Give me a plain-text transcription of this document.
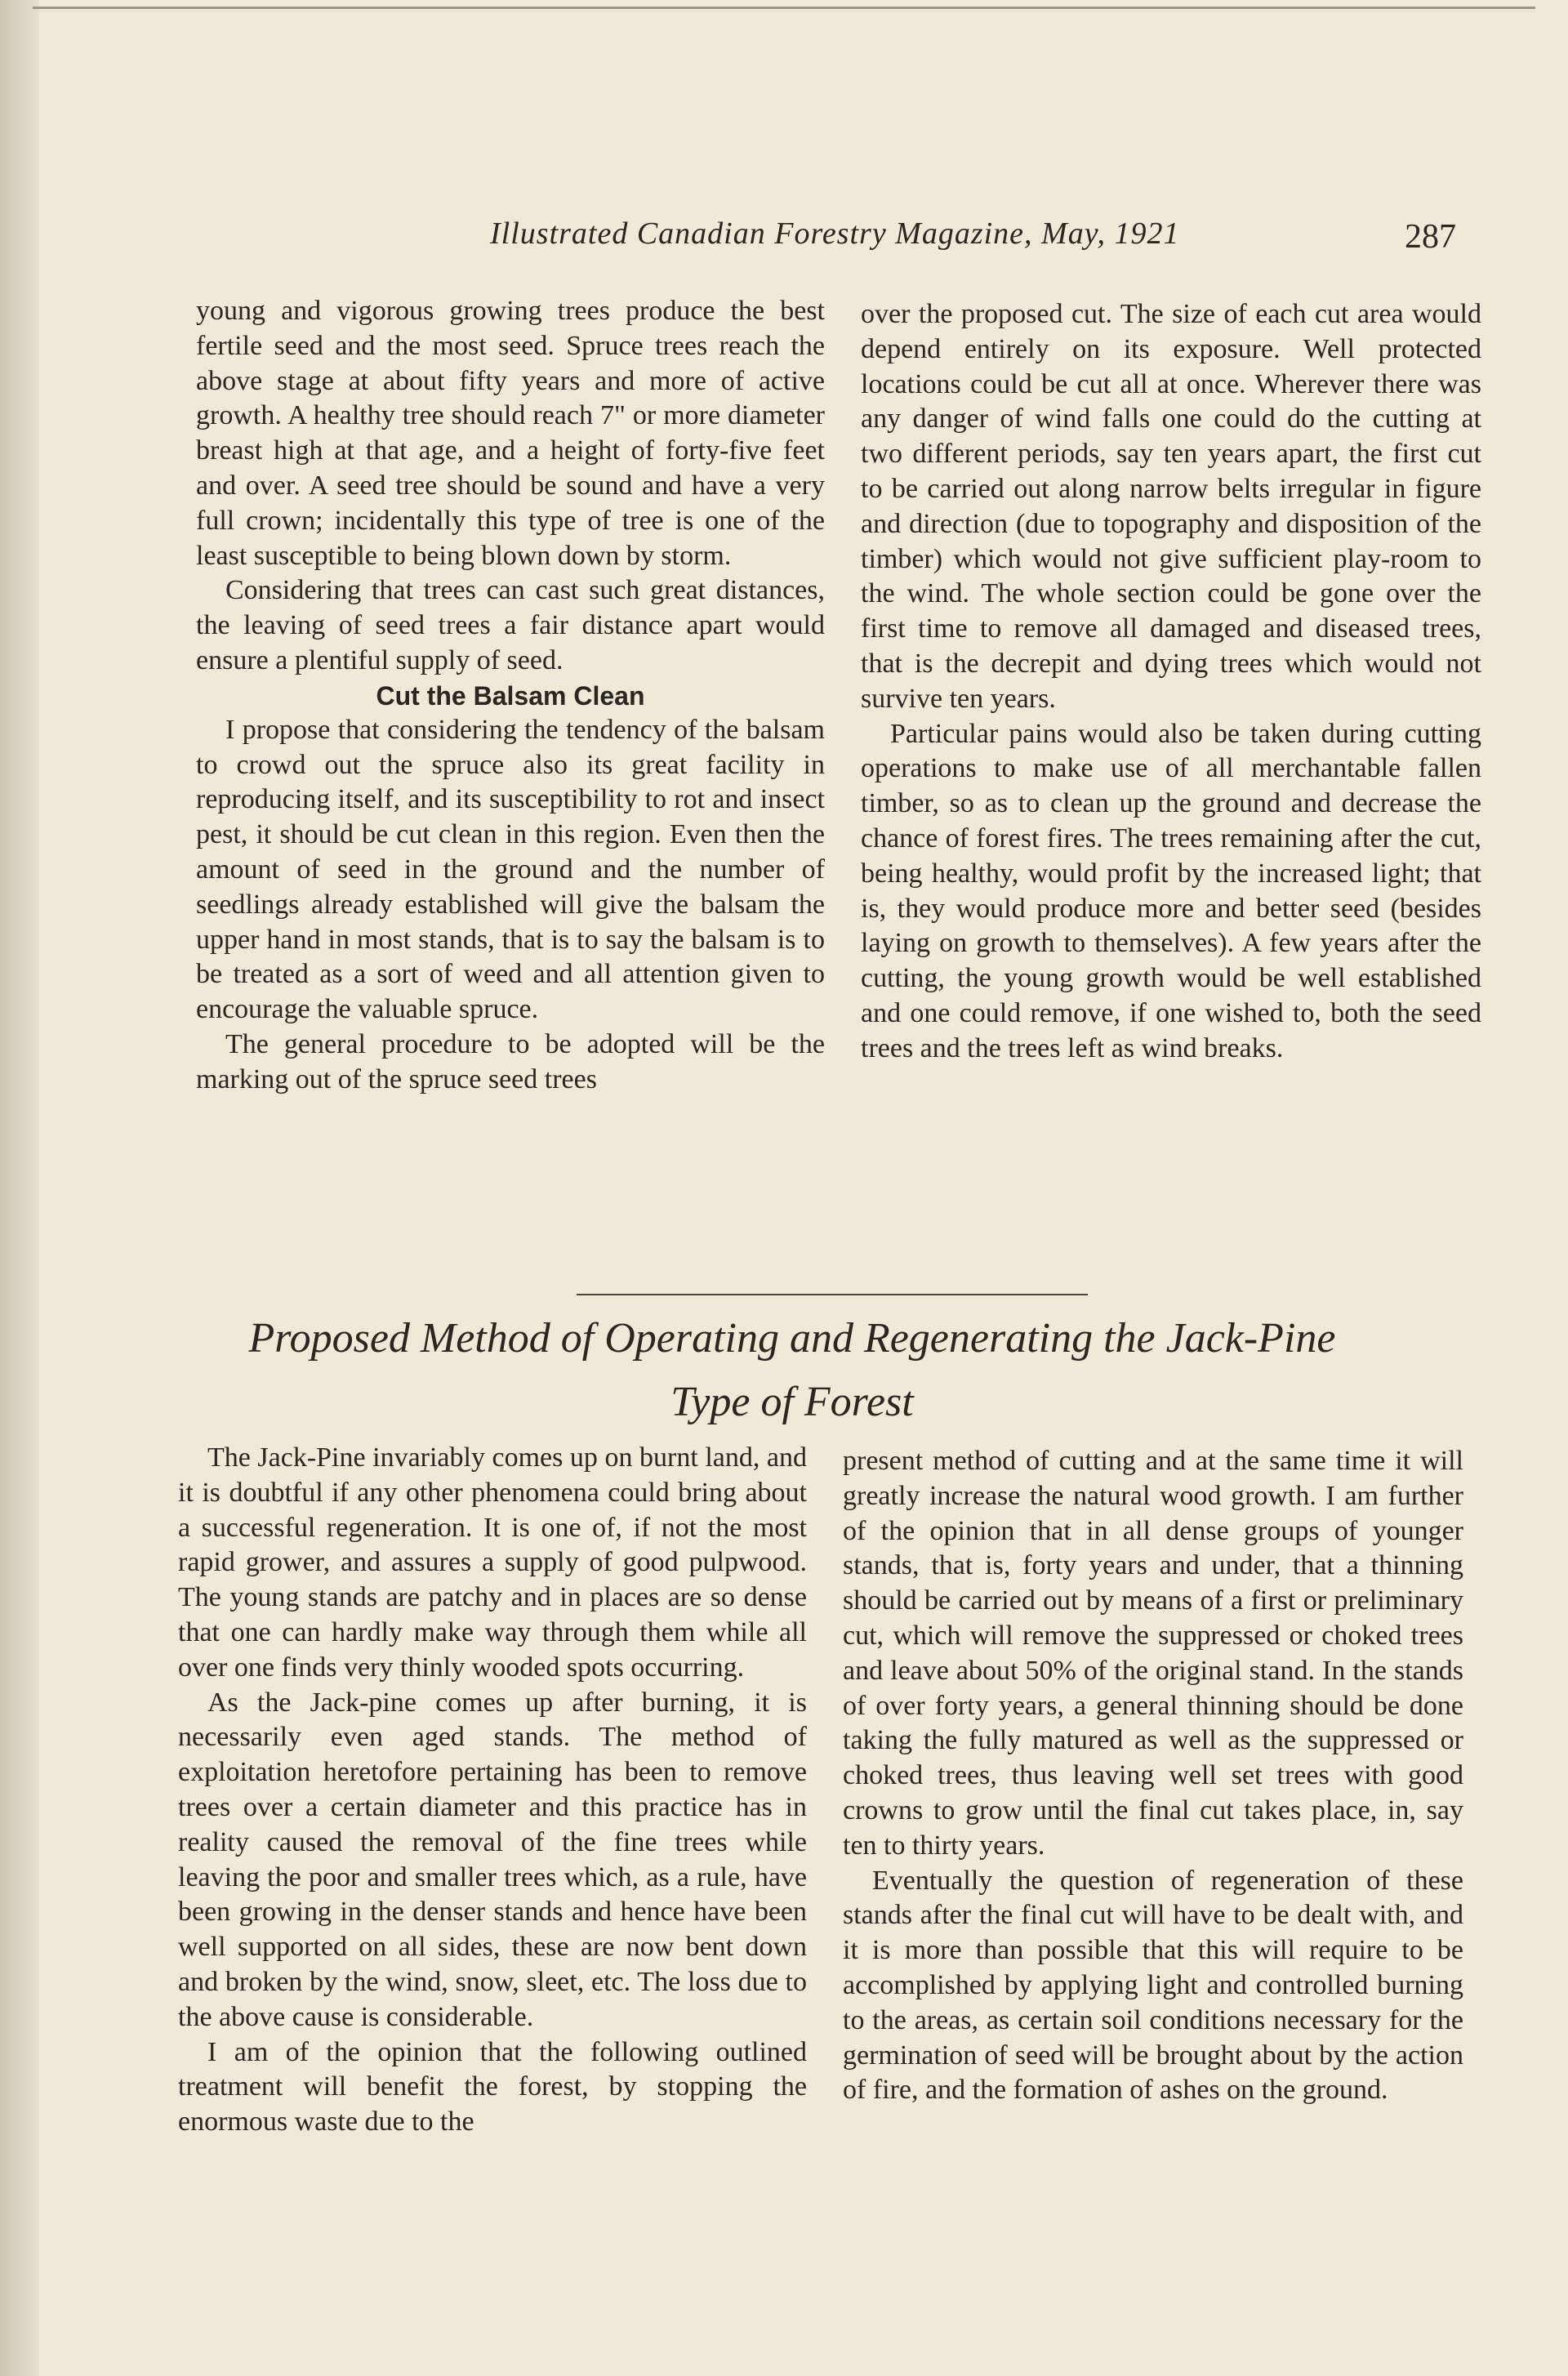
Illustrated Canadian Forestry Magazine, May, 1921	287

young and vigorous growing trees produce the best fertile seed and the most seed. Spruce trees reach the above stage at about fifty years and more of active growth. A healthy tree should reach 7" or more diameter breast high at that age, and a height of forty-five feet and over. A seed tree should be sound and have a very full crown; incidentally this type of tree is one of the least susceptible to being blown down by storm.

Considering that trees can cast such great distances, the leaving of seed trees a fair distance apart would ensure a plentiful supply of seed.

Cut the Balsam Clean

I propose that considering the tendency of the balsam to crowd out the spruce also its great facility in reproducing itself, and its susceptibility to rot and insect pest, it should be cut clean in this region. Even then the amount of seed in the ground and the number of seedlings already established will give the balsam the upper hand in most stands, that is to say the balsam is to be treated as a sort of weed and all attention given to encourage the valuable spruce.

The general procedure to be adopted will be the marking out of the spruce seed trees

over the proposed cut. The size of each cut area would depend entirely on its exposure. Well protected locations could be cut all at once. Wherever there was any danger of wind falls one could do the cutting at two different periods, say ten years apart, the first cut to be carried out along narrow belts irregular in figure and direction (due to topography and disposition of the timber) which would not give sufficient play-room to the wind. The whole section could be gone over the first time to remove all damaged and diseased trees, that is the decrepit and dying trees which would not survive ten years.

Particular pains would also be taken during cutting operations to make use of all merchantable fallen timber, so as to clean up the ground and decrease the chance of forest fires. The trees remaining after the cut, being healthy, would profit by the increased light; that is, they would produce more and better seed (besides laying on growth to themselves). A few years after the cutting, the young growth would be well established and one could remove, if one wished to, both the seed trees and the trees left as wind breaks.

Proposed Method of Operating and Regenerating the Jack-Pine
Type of Forest

The Jack-Pine invariably comes up on burnt land, and it is doubtful if any other phenomena could bring about a successful regeneration. It is one of, if not the most rapid grower, and assures a supply of good pulpwood. The young stands are patchy and in places are so dense that one can hardly make way through them while all over one finds very thinly wooded spots occurring.

As the Jack-pine comes up after burning, it is necessarily even aged stands. The method of exploitation heretofore pertaining has been to remove trees over a certain diameter and this practice has in reality caused the removal of the fine trees while leaving the poor and smaller trees which, as a rule, have been growing in the denser stands and hence have been well supported on all sides, these are now bent down and broken by the wind, snow, sleet, etc. The loss due to the above cause is considerable.

I am of the opinion that the following outlined treatment will benefit the forest, by stopping the enormous waste due to the

present method of cutting and at the same time it will greatly increase the natural wood growth. I am further of the opinion that in all dense groups of younger stands, that is, forty years and under, that a thinning should be carried out by means of a first or preliminary cut, which will remove the suppressed or choked trees and leave about 50% of the original stand. In the stands of over forty years, a general thinning should be done taking the fully matured as well as the suppressed or choked trees, thus leaving well set trees with good crowns to grow until the final cut takes place, in, say ten to thirty years.

Eventually the question of regeneration of these stands after the final cut will have to be dealt with, and it is more than possible that this will require to be accomplished by applying light and controlled burning to the areas, as certain soil conditions necessary for the germination of seed will be brought about by the action of fire, and the formation of ashes on the ground.
